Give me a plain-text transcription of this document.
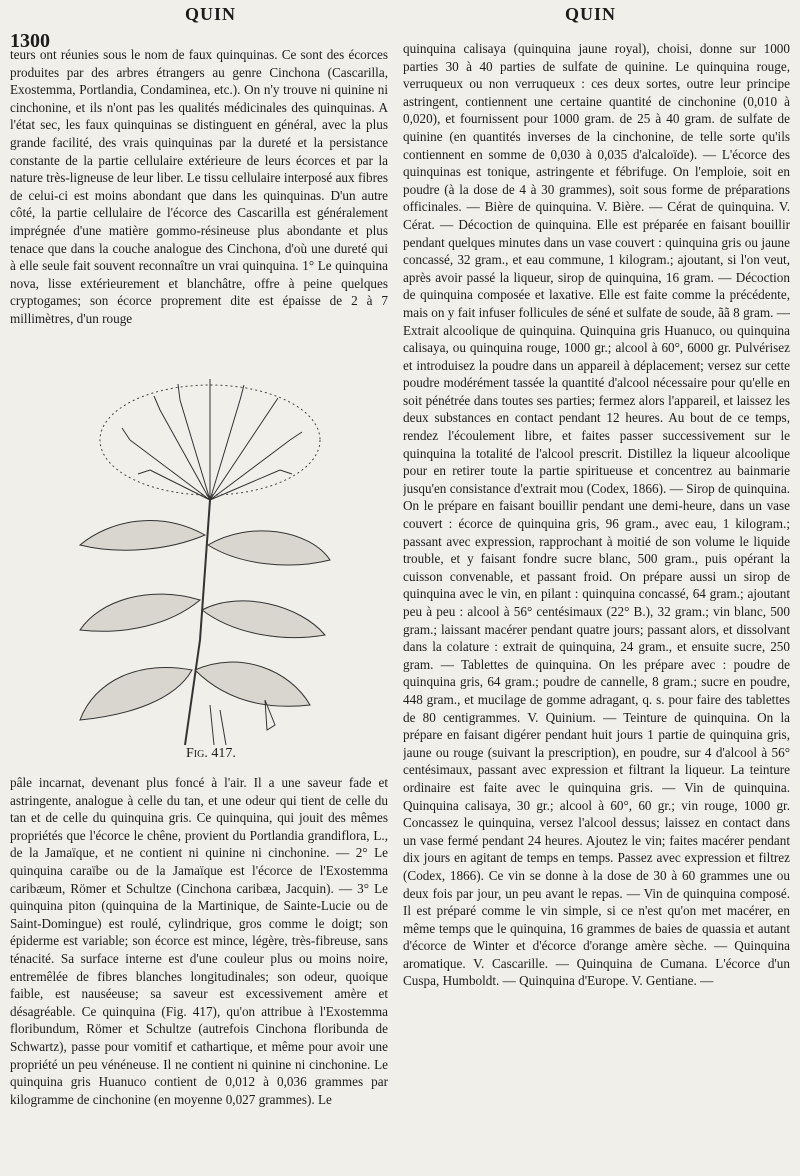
1300
QUIN	QUIN

teurs ont réunies sous le nom de faux quinquinas. Ce sont des écorces produites par des arbres étrangers au genre Cinchona (Cascarilla, Exostemma, Portlandia, Condaminea, etc.). On n'y trouve ni quinine ni cinchonine, et ils n'ont pas les qualités médicinales des quinquinas. A l'état sec, les faux quinquinas se distinguent en général, avec la plus grande facilité, des vrais quinquinas par la dureté et la persistance constante de la partie cellulaire extérieure de leurs écorces et par la nature très-ligneuse de leur liber. Le tissu cellulaire interposé aux fibres de celui-ci est moins abondant que dans les quinquinas. D'un autre côté, la partie cellulaire de l'écorce des Cascarilla est généralement imprégnée d'une matière gommo-résineuse plus abondante et plus tenace que dans la couche analogue des Cinchona, d'où une dureté qui à elle seule fait souvent reconnaître un vrai quinquina. 1° Le quinquina nova, lisse extérieurement et blanchâtre, offre à peine quelques cryptogames; son écorce proprement dite est épaisse de 2 à 7 millimètres, d'un rouge

Fig. 417.

pâle incarnat, devenant plus foncé à l'air. Il a une saveur fade et astringente, analogue à celle du tan, et une odeur qui tient de celle du tan et de celle du quinquina gris. Ce quinquina, qui jouit des mêmes propriétés que l'écorce le chêne, provient du Portlandia grandiflora, L., de la Jamaïque, et ne contient ni quinine ni cinchonine. — 2° Le quinquina caraïbe ou de la Jamaïque est l'écorce de l'Exostemma caribæum, Römer et Schultze (Cinchona caribæa, Jacquin). — 3° Le quinquina piton (quinquina de la Martinique, de Sainte-Lucie ou de Saint-Domingue) est roulé, cylindrique, gros comme le doigt; son épiderme est variable; son écorce est mince, légère, très-fibreuse, sans ténacité. Sa surface interne est d'une couleur plus ou moins noire, entremêlée de fibres blanches longitudinales; son odeur, quoique faible, est nauséeuse; sa saveur est excessivement amère et désagréable. Ce quinquina (Fig. 417), qu'on attribue à l'Exostemma floribundum, Römer et Schultze (autrefois Cinchona floribunda de Schwartz), passe pour vomitif et cathartique, et même pour avoir une propriété un peu vénéneuse. Il ne contient ni quinine ni cinchonine. Le quinquina gris Huanuco contient de 0,012 à 0,036 grammes par kilogramme de cinchonine (en moyenne 0,027 grammes). Le

quinquina calisaya (quinquina jaune royal), choisi, donne sur 1000 parties 30 à 40 parties de sulfate de quinine. Le quinquina rouge, verruqueux ou non verruqueux : ces deux sortes, outre leur principe astringent, contiennent une certaine quantité de cinchonine (0,010 à 0,020), et fournissent pour 1000 gram. de 25 à 40 gram. de sulfate de quinine (en quantités inverses de la cinchonine, de telle sorte qu'ils contiennent en somme de 0,030 à 0,035 d'alcaloïde). — L'écorce des quinquinas est tonique, astringente et fébrifuge. On l'emploie, soit en poudre (à la dose de 4 à 30 grammes), soit sous forme de préparations officinales. — Bière de quinquina. V. Bière. — Cérat de quinquina. V. Cérat. — Décoction de quinquina. Elle est préparée en faisant bouillir pendant quelques minutes dans un vase couvert : quinquina gris ou jaune concassé, 32 gram., et eau commune, 1 kilogram.; ajoutant, si l'on veut, après avoir passé la liqueur, sirop de quinquina, 16 gram. — Décoction de quinquina composée et laxative. Elle est faite comme la précédente, mais on y fait infuser follicules de séné et sulfate de soude, ãã 8 gram. — Extrait alcoolique de quinquina. Quinquina gris Huanuco, ou quinquina calisaya, ou quinquina rouge, 1000 gr.; alcool à 60°, 6000 gr. Pulvérisez et introduisez la poudre dans un appareil à déplacement; versez sur cette poudre modérément tassée la quantité d'alcool nécessaire pour qu'elle en soit pénétrée dans toutes ses parties; fermez alors l'appareil, et laissez les deux substances en contact pendant 12 heures. Au bout de ce temps, rendez l'écoulement libre, et faites passer successivement sur le quinquina la totalité de l'alcool prescrit. Distillez la liqueur alcoolique pour en retirer toute la partie spiritueuse et concentrez au bainmarie jusqu'en consistance d'extrait mou (Codex, 1866). — Sirop de quinquina. On le prépare en faisant bouillir pendant une demi-heure, dans un vase couvert : écorce de quinquina gris, 96 gram., avec eau, 1 kilogram.; passant avec expression, rapprochant à moitié de son volume le liquide trouble, et y faisant fondre sucre blanc, 500 gram., puis opérant la cuisson convenable, et passant froid. On prépare aussi un sirop de quinquina avec le vin, en pilant : quinquina concassé, 64 gram.; ajoutant peu à peu : alcool à 56° centésimaux (22° B.), 32 gram.; vin blanc, 500 gram.; laissant macérer pendant quatre jours; passant alors, et dissolvant dans la colature : extrait de quinquina, 24 gram., et ensuite sucre, 250 gram. — Tablettes de quinquina. On les prépare avec : poudre de quinquina gris, 64 gram.; poudre de cannelle, 8 gram.; sucre en poudre, 448 gram., et mucilage de gomme adragant, q. s. pour faire des tablettes de 80 centigrammes. V. Quinium. — Teinture de quinquina. On la prépare en faisant digérer pendant huit jours 1 partie de quinquina gris, jaune ou rouge (suivant la prescription), en poudre, sur 4 d'alcool à 56° centésimaux, passant avec expression et filtrant la liqueur. La teinture ordinaire est faite avec le quinquina gris. — Vin de quinquina. Quinquina calisaya, 30 gr.; alcool à 60°, 60 gr.; vin rouge, 1000 gr. Concassez le quinquina, versez l'alcool dessus; laissez en contact dans un vase fermé pendant 24 heures. Ajoutez le vin; faites macérer pendant dix jours en agitant de temps en temps. Passez avec expression et filtrez (Codex, 1866). Ce vin se donne à la dose de 30 à 60 grammes une ou deux fois par jour, un peu avant le repas. — Vin de quinquina composé. Il est préparé comme le vin simple, si ce n'est qu'on met macérer, en même temps que le quinquina, 16 grammes de baies de quassia et autant d'écorce de Winter et d'écorce d'orange amère sèche. — Quinquina aromatique. V. Cascarille. — Quinquina de Cumana. L'écorce d'un Cuspa, Humboldt. — Quinquina d'Europe. V. Gentiane. —
